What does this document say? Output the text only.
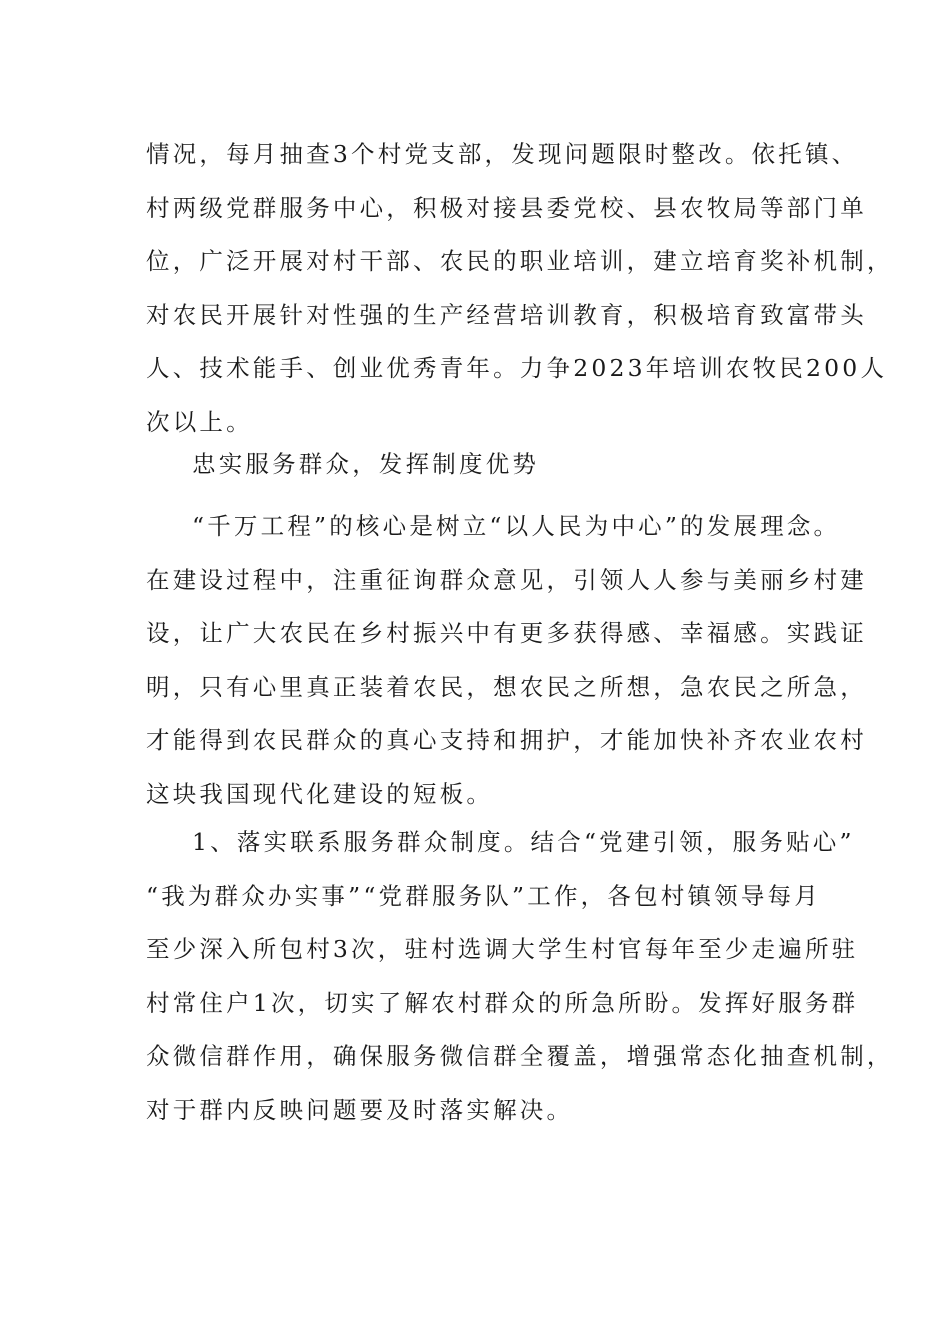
情况，每月抽查3个村党支部，发现问题限时整改。依托镇、
村两级党群服务中心，积极对接县委党校、县农牧局等部门单
位，广泛开展对村干部、农民的职业培训，建立培育奖补机制，
对农民开展针对性强的生产经营培训教育，积极培育致富带头
人、技术能手、创业优秀青年。力争2023年培训农牧民200人
次以上。
忠实服务群众，发挥制度优势
“千万工程”的核心是树立“以人民为中心”的发展理念。
在建设过程中，注重征询群众意见，引领人人参与美丽乡村建
设，让广大农民在乡村振兴中有更多获得感、幸福感。实践证
明，只有心里真正装着农民，想农民之所想，急农民之所急，
才能得到农民群众的真心支持和拥护，才能加快补齐农业农村
这块我国现代化建设的短板。
1、落实联系服务群众制度。结合“党建引领，服务贴心”
“我为群众办实事”“党群服务队”工作，各包村镇领导每月
至少深入所包村3次，驻村选调大学生村官每年至少走遍所驻
村常住户1次，切实了解农村群众的所急所盼。发挥好服务群
众微信群作用，确保服务微信群全覆盖，增强常态化抽查机制，
对于群内反映问题要及时落实解决。
